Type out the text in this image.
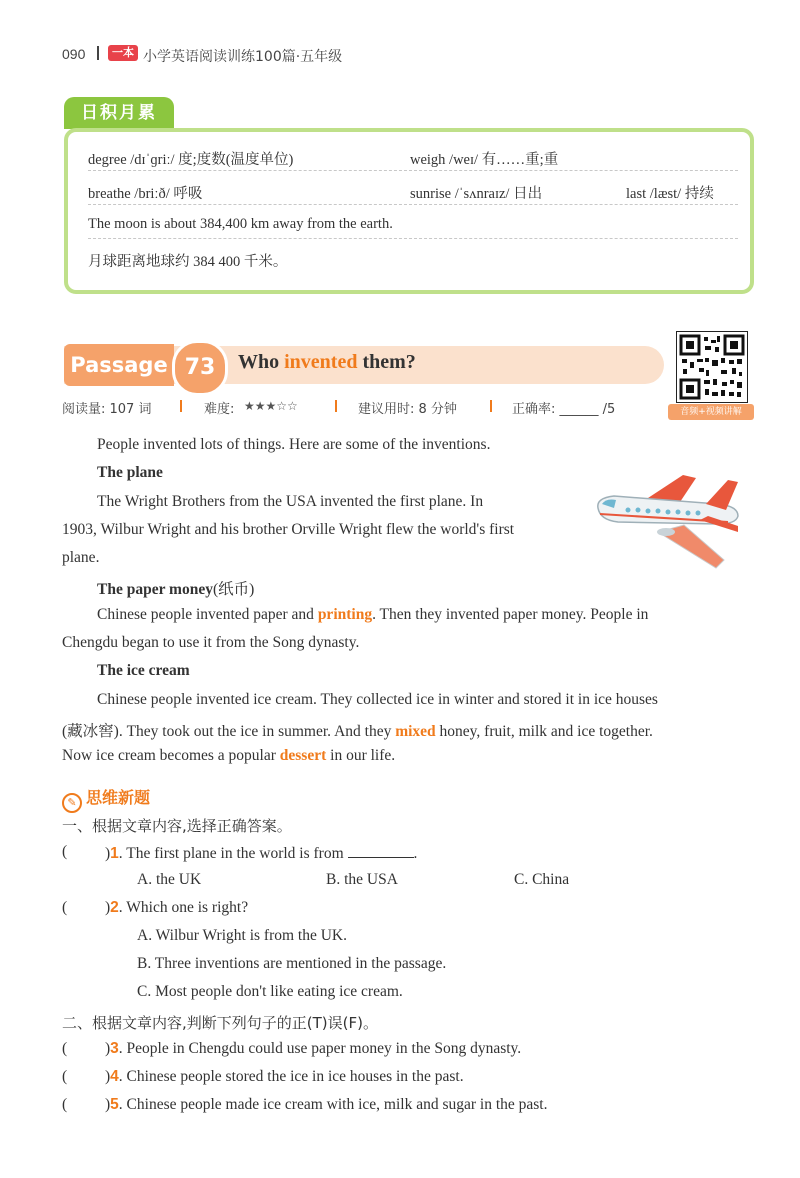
090	一本 小学英语阅读训练100篇·五年级
日积月累
degree /dɪˈɡriː/ 度;度数(温度单位)	weigh /weɪ/ 有……重;重
breathe /briːð/ 呼吸	sunrise /ˈsʌnraɪz/ 日出	last /læst/ 持续
The moon is about 384,400 km away from the earth.
月球距离地球约 384 400 千米。
Passage 73	Who invented them?
音频+视频讲解
阅读量: 107 词	难度: ★★★☆☆	建议用时: 8 分钟	正确率: ______ /5
People invented lots of things. Here are some of the inventions.
The plane
The Wright Brothers from the USA invented the first plane. In
1903, Wilbur Wright and his brother Orville Wright flew the world's first
plane.
The paper money(纸币)
Chinese people invented paper and printing. Then they invented paper money. People in
Chengdu began to use it from the Song dynasty.
The ice cream
Chinese people invented ice cream. They collected ice in winter and stored it in ice houses
(藏冰窖). They took out the ice in summer. And they mixed honey, fruit, milk and ice together.
Now ice cream becomes a popular dessert in our life.
✎ 思维新题
一、根据文章内容,选择正确答案。
( )1. The first plane in the world is from	.
A. the UK	B. the USA	C. China
( )2. Which one is right?
A. Wilbur Wright is from the UK.
B. Three inventions are mentioned in the passage.
C. Most people don't like eating ice cream.
二、根据文章内容,判断下列句子的正(T)误(F)。
( )3. People in Chengdu could use paper money in the Song dynasty.
( )4. Chinese people stored the ice in ice houses in the past.
( )5. Chinese people made ice cream with ice, milk and sugar in the past.
